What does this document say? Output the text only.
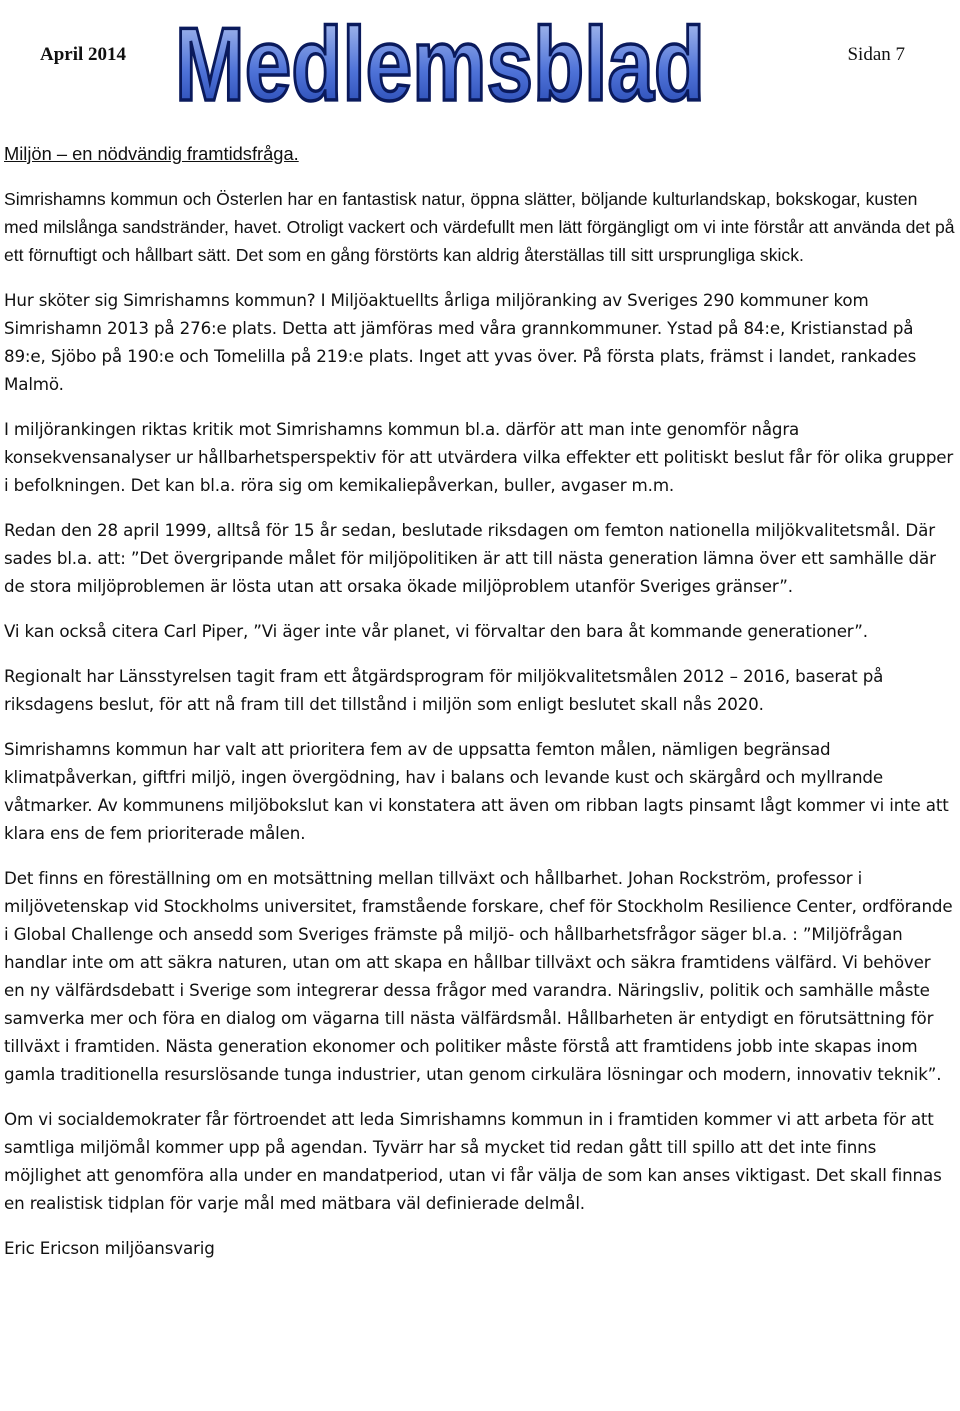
April 2014 Medlemsblad	Sidan 7
Miljön – en nödvändig framtidsfråga.

Simrishamns kommun och Österlen har en fantastisk natur, öppna slätter, böljande kulturlandskap, bokskogar, kusten med milslånga sandstränder, havet. Otroligt vackert och värdefullt men lätt förgängligt om vi inte förstår att använda det på ett förnuftigt och hållbart sätt. Det som en gång förstörts kan aldrig återställas till sitt ursprungliga skick.

Hur sköter sig Simrishamns kommun? I Miljöaktuellts årliga miljöranking av Sveriges 290 kommuner kom Simrishamn 2013 på 276:e plats. Detta att jämföras med våra grannkommuner. Ystad på 84:e, Kristianstad på 89:e, Sjöbo på 190:e och Tomelilla på 219:e plats. Inget att yvas över. På första plats, främst i landet, rankades Malmö.

I miljörankingen riktas kritik mot Simrishamns kommun bl.a. därför att man inte genomför några konsekvensanalyser ur hållbarhetsperspektiv för att utvärdera vilka effekter ett politiskt beslut får för olika grupper i befolkningen. Det kan bl.a. röra sig om kemikaliepåverkan, buller, avgaser m.m.

Redan den 28 april 1999, alltså för 15 år sedan, beslutade riksdagen om femton nationella miljökvalitetsmål. Där sades bl.a. att: ”Det övergripande målet för miljöpolitiken är att till nästa generation lämna över ett samhälle där de stora miljöproblemen är lösta utan att orsaka ökade miljöproblem utanför Sveriges gränser”.

Vi kan också citera Carl Piper, ”Vi äger inte vår planet, vi förvaltar den bara åt kommande generationer”.

Regionalt har Länsstyrelsen tagit fram ett åtgärdsprogram för miljökvalitetsmålen 2012 – 2016, baserat på riksdagens beslut, för att nå fram till det tillstånd i miljön som enligt beslutet skall nås 2020.

Simrishamns kommun har valt att prioritera fem av de uppsatta femton målen, nämligen begränsad klimatpåverkan, giftfri miljö, ingen övergödning, hav i balans och levande kust och skärgård och myllrande våtmarker. Av kommunens miljöbokslut kan vi konstatera att även om ribban lagts pinsamt lågt kommer vi inte att klara ens de fem prioriterade målen.

Det finns en föreställning om en motsättning mellan tillväxt och hållbarhet. Johan Rockström, professor i miljövetenskap vid Stockholms universitet, framstående forskare, chef för Stockholm Resilience Center, ordförande i Global Challenge och ansedd som Sveriges främste på miljö- och hållbarhetsfrågor säger bl.a. : ”Miljöfrågan handlar inte om att säkra naturen, utan om att skapa en hållbar tillväxt och säkra framtidens välfärd. Vi behöver en ny välfärdsdebatt i Sverige som integrerar dessa frågor med varandra. Näringsliv, politik och samhälle måste samverka mer och föra en dialog om vägarna till nästa välfärdsmål. Hållbarheten är entydigt en förutsättning för tillväxt i framtiden. Nästa generation ekonomer och politiker måste förstå att framtidens jobb inte skapas inom gamla traditionella resurslösande tunga industrier, utan genom cirkulära lösningar och modern, innovativ teknik”.

Om vi socialdemokrater får förtroendet att leda Simrishamns kommun in i framtiden kommer vi att arbeta för att samtliga miljömål kommer upp på agendan. Tyvärr har så mycket tid redan gått till spillo att det inte finns möjlighet att genomföra alla under en mandatperiod, utan vi får välja de som kan anses viktigast. Det skall finnas en realistisk tidplan för varje mål med mätbara väl definierade delmål.

Eric Ericson miljöansvarig
